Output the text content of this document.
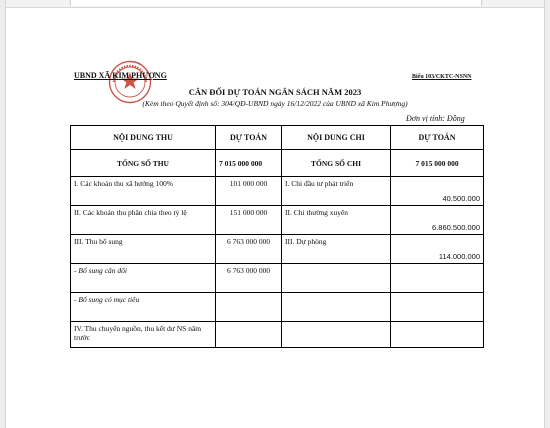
UBND XÃ KIM PHƯỢNG	Biểu 103/CKTC-NSNN
CÂN ĐỐI DỰ TOÁN NGÂN SÁCH NĂM 2023
(Kèm theo Quyết định số: 304/QĐ-UBND ngày 16/12/2022 của UBND xã Kim Phượng)
Đơn vị tính: Đồng
NỘI DUNG THU	DỰ TOÁN	NỘI DUNG CHI	DỰ TOÁN
TỔNG SỐ THU	7 015 000 000	TỔNG SỐ CHI	7 015 000 000
I. Các khoản thu xã hưởng 100%	101 000 000	I. Chi đầu tư phát triển	40.500.000
II. Các khoản thu phân chia theo tỷ lệ	151 000 000	II. Chi thường xuyên	6.860.500.000
III. Thu bổ sung	6 763 000 000	III. Dự phòng	114.000.000
- Bổ sung cân đối	6 763 000 000		
- Bổ sung có mục tiêu			
IV. Thu chuyển nguồn, thu kết dư NS năm trước			
